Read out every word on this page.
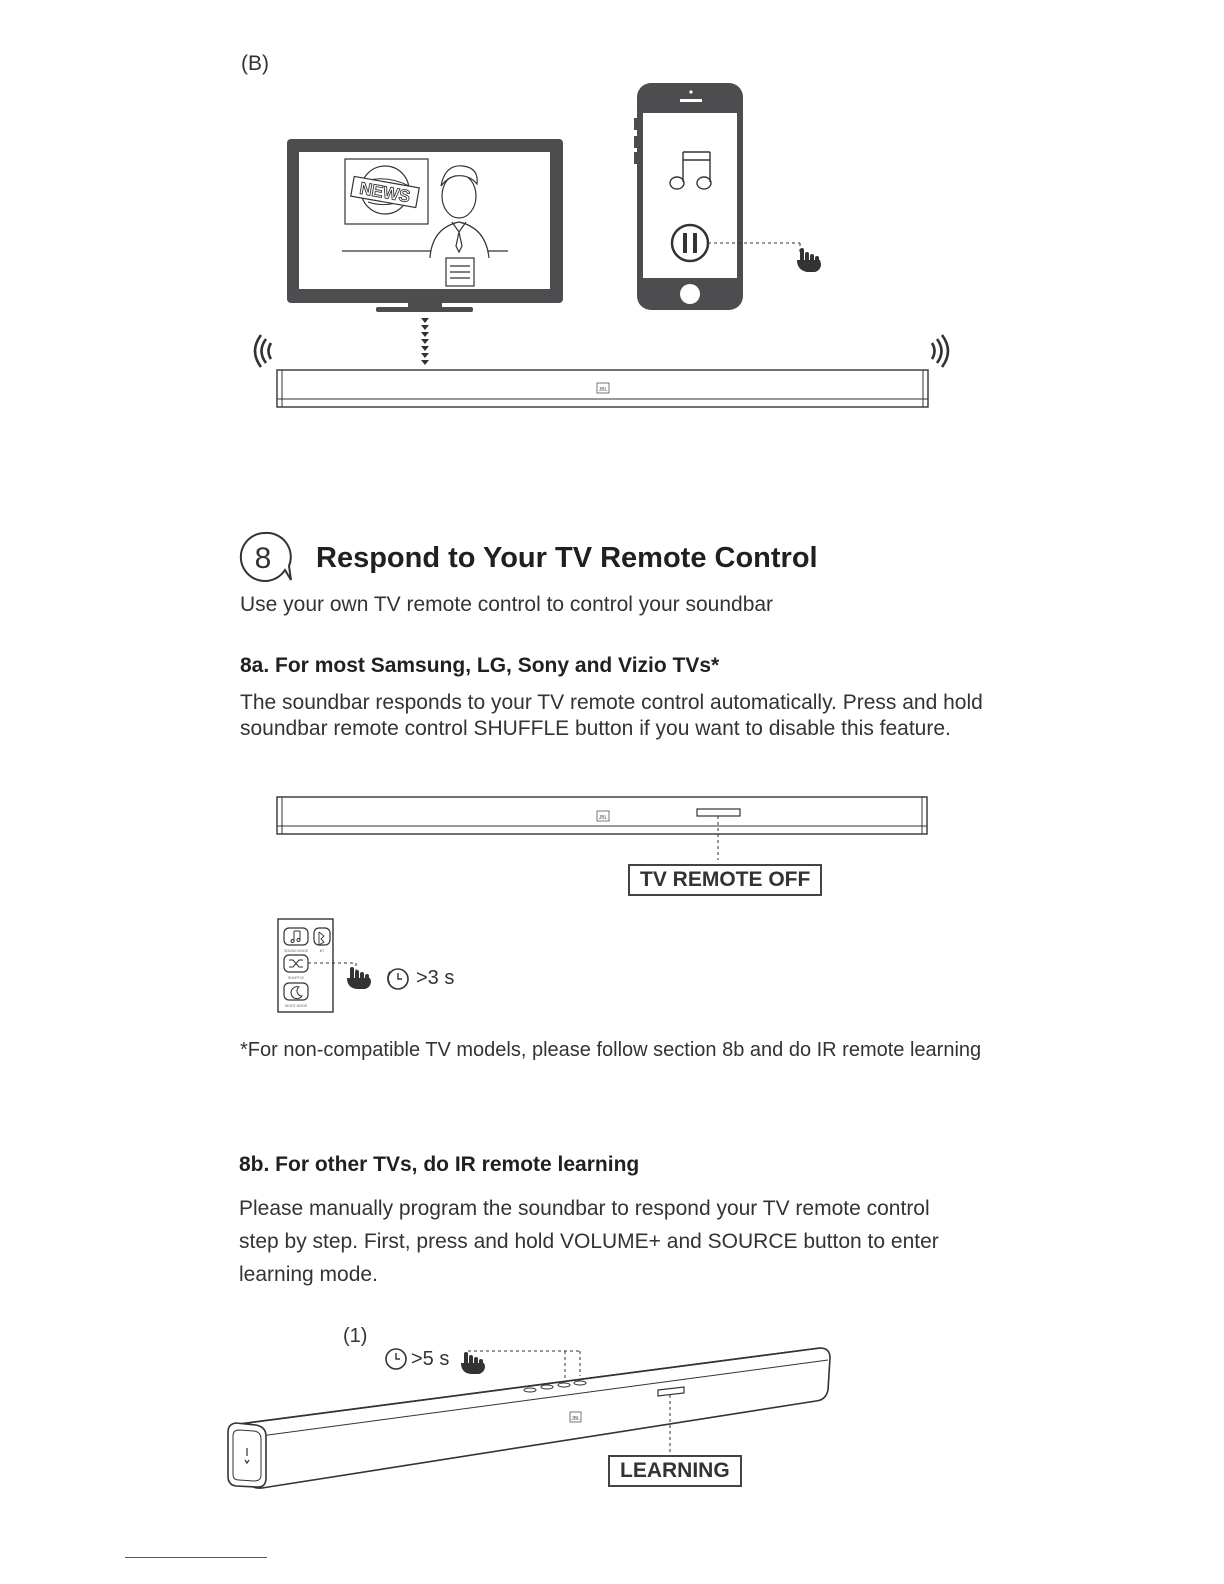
(B)
NEWS
JBL
8 Respond to Your TV Remote Control
Use your own TV remote control to control your soundbar
8a. For most Samsung, LG, Sony and Vizio TVs*
The soundbar responds to your TV remote control automatically. Press and hold
soundbar remote control SHUFFLE button if you want to disable this feature.
JBL
TV REMOTE OFF
SOUND MODE	BT
SHUFFLE
NIGHT MODE
>3 s
*For non-compatible TV models, please follow section 8b and do IR remote learning
8b. For other TVs, do IR remote learning
Please manually program the soundbar to respond your TV remote control
step by step. First, press and hold VOLUME+ and SOURCE button to enter
learning mode.
(1)
JBL
>5 s
LEARNING
